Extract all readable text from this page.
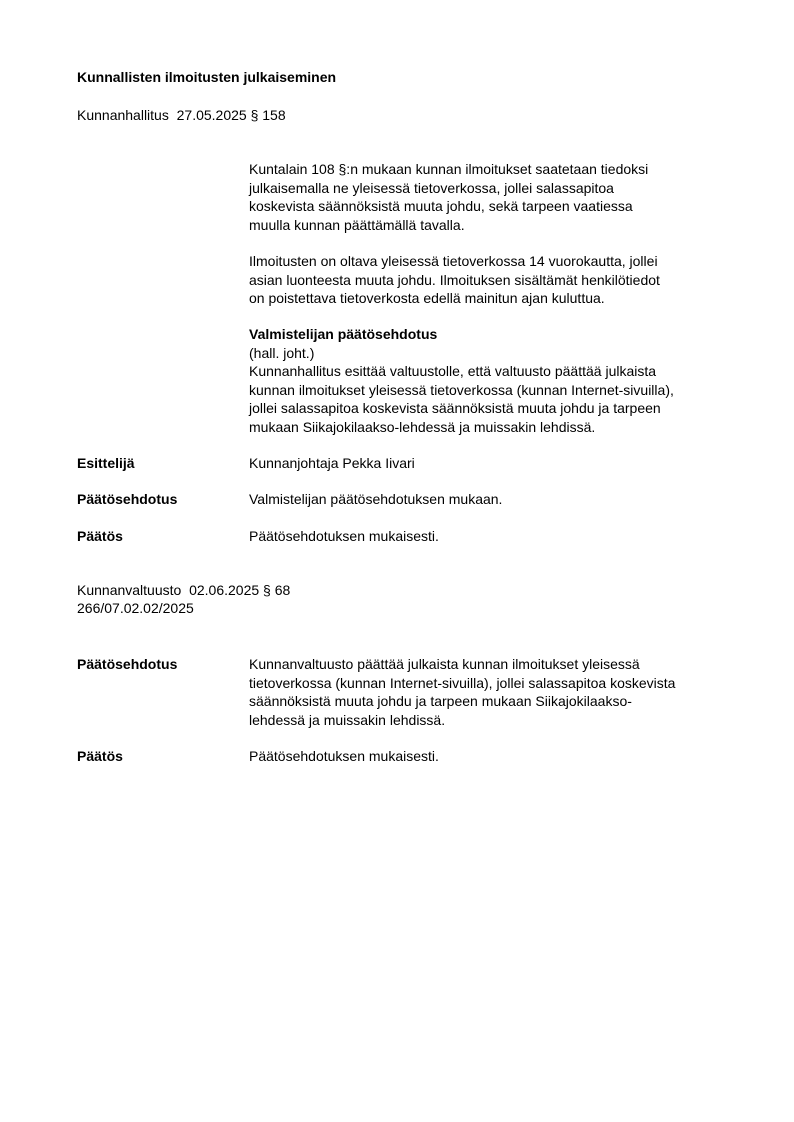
Kunnallisten ilmoitusten julkaiseminen
Kunnanhallitus  27.05.2025 § 158
Kuntalain 108 §:n mukaan kunnan ilmoitukset saatetaan tiedoksi
julkaisemalla ne yleisessä tietoverkossa, jollei salassapitoa
koskevista säännöksistä muuta johdu, sekä tarpeen vaatiessa
muulla kunnan päättämällä tavalla.
Ilmoitusten on oltava yleisessä tietoverkossa 14 vuorokautta, jollei
asian luonteesta muuta johdu. Ilmoituksen sisältämät henkilötiedot
on poistettava tietoverkosta edellä mainitun ajan kuluttua.
Valmistelijan päätösehdotus
(hall. joht.)
Kunnanhallitus esittää valtuustolle, että valtuusto päättää julkaista
kunnan ilmoitukset yleisessä tietoverkossa (kunnan Internet-sivuilla),
jollei salassapitoa koskevista säännöksistä muuta johdu ja tarpeen
mukaan Siikajokilaakso-lehdessä ja muissakin lehdissä.
Esittelijä	Kunnanjohtaja Pekka Iivari
Päätösehdotus	Valmistelijan päätösehdotuksen mukaan.
Päätös	Päätösehdotuksen mukaisesti.
Kunnanvaltuusto  02.06.2025 § 68
266/07.02.02/2025
Päätösehdotus	Kunnanvaltuusto päättää julkaista kunnan ilmoitukset yleisessä
tietoverkossa (kunnan Internet-sivuilla), jollei salassapitoa koskevista
säännöksistä muuta johdu ja tarpeen mukaan Siikajokilaakso-
lehdessä ja muissakin lehdissä.
Päätös	Päätösehdotuksen mukaisesti.
